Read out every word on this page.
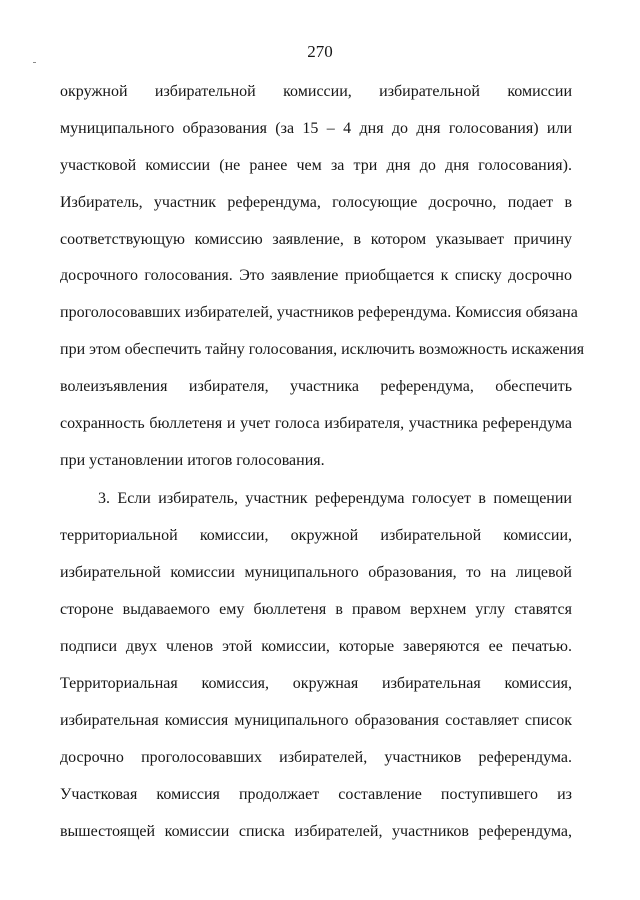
270
окружной избирательной комиссии, избирательной комиссии
муниципального образования (за 15 – 4 дня до дня голосования) или
участковой комиссии (не ранее чем за три дня до дня голосования).
Избиратель, участник референдума, голосующие досрочно, подает в
соответствующую комиссию заявление, в котором указывает причину
досрочного голосования. Это заявление приобщается к списку досрочно
проголосовавших избирателей, участников референдума. Комиссия обязана
при этом обеспечить тайну голосования, исключить возможность искажения
волеизъявления избирателя, участника референдума, обеспечить
сохранность бюллетеня и учет голоса избирателя, участника референдума
при установлении итогов голосования.
3. Если избиратель, участник референдума голосует в помещении
территориальной комиссии, окружной избирательной комиссии,
избирательной комиссии муниципального образования, то на лицевой
стороне выдаваемого ему бюллетеня в правом верхнем углу ставятся
подписи двух членов этой комиссии, которые заверяются ее печатью.
Территориальная комиссия, окружная избирательная комиссия,
избирательная комиссия муниципального образования составляет список
досрочно проголосовавших избирателей, участников референдума.
Участковая комиссия продолжает составление поступившего из
вышестоящей комиссии списка избирателей, участников референдума,
